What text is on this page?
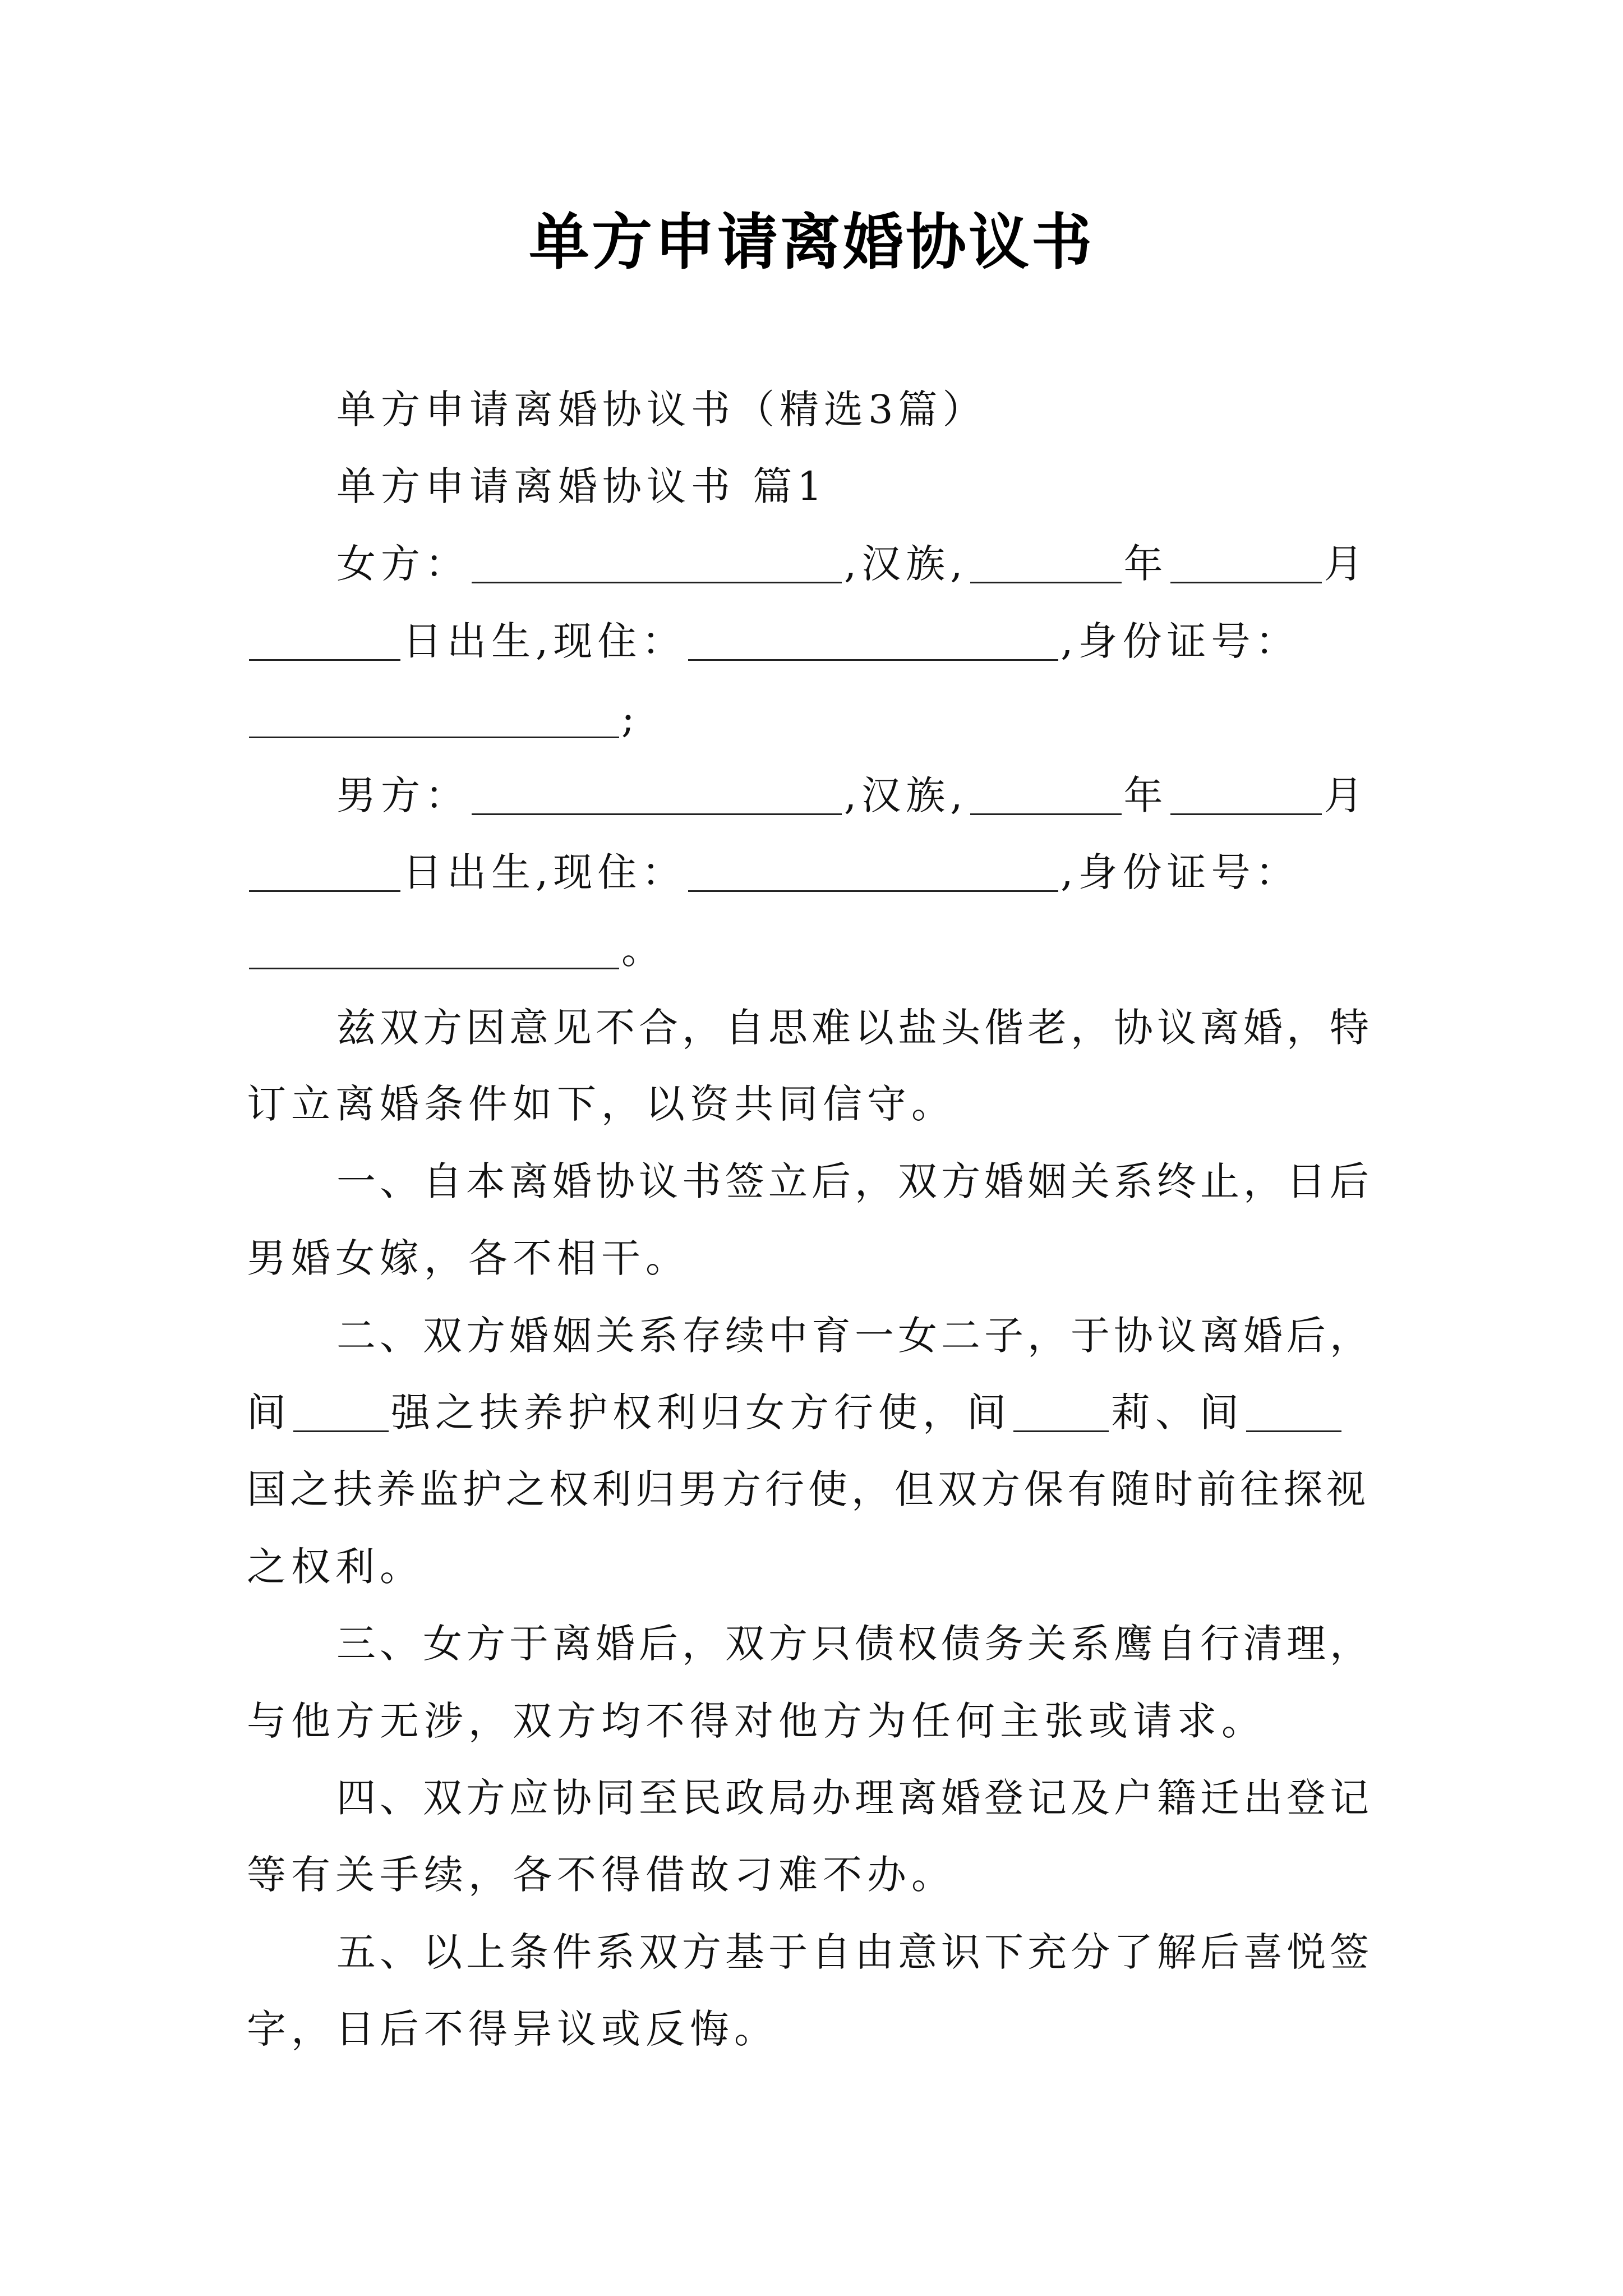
单方申请离婚协议书
单方申请离婚协议书（精选3篇）
单方申请离婚协议书 篇1
女方：	,汉族,	年	月
日出生,现住：	,身份证号：
;
男方：	,汉族,	年	月
日出生,现住：	,身份证号：
。
兹双方因意见不合，自思难以盐头偕老，协议离婚，特
订立离婚条件如下，以资共同信守。
一、自本离婚协议书签立后，双方婚姻关系终止，日后
男婚女嫁，各不相干。
二、双方婚姻关系存续中育一女二子，于协议离婚后，
间	强之扶养护权利归女方行使，间	莉、间
国之扶养监护之权利归男方行使，但双方保有随时前往探视
之权利。
三、女方于离婚后，双方只债权债务关系鹰自行清理，
与他方无涉，双方均不得对他方为任何主张或请求。
四、双方应协同至民政局办理离婚登记及户籍迁出登记
等有关手续，各不得借故刁难不办。
五、以上条件系双方基于自由意识下充分了解后喜悦签
字，日后不得异议或反悔。
